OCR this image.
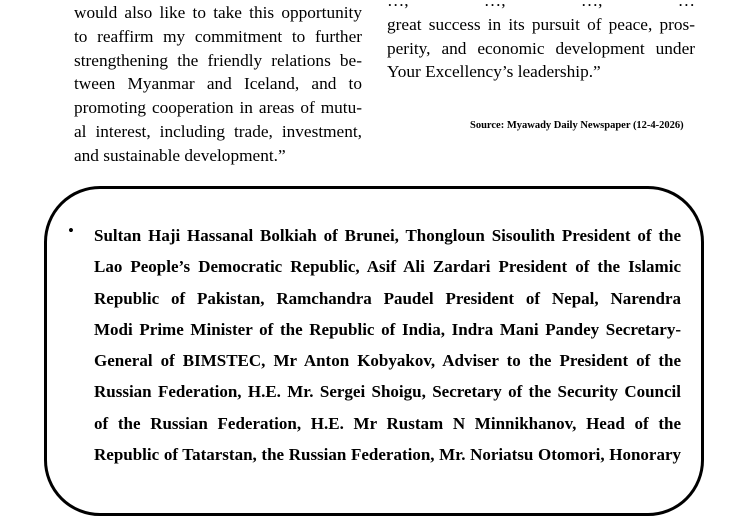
would also like to take this opportunity
to reaffirm my commitment to further
strengthening the friendly relations be-
tween Myanmar and Iceland, and to
promoting cooperation in areas of mutu-
al interest, including trade, investment,
and sustainable development.”
…, …, …, …
great success in its pursuit of peace, pros-
perity, and economic development under
Your Excellency’s leadership.”
Source: Myawady Daily Newspaper (12-4-2026)
• Sultan Haji Hassanal Bolkiah of Brunei, Thongloun Sisoulith President of the
Lao People’s Democratic Republic, Asif Ali Zardari President of the Islamic
Republic of Pakistan, Ramchandra Paudel President of Nepal, Narendra
Modi Prime Minister of the Republic of India, Indra Mani Pandey Secretary-
General of BIMSTEC, Mr Anton Kobyakov, Adviser to the President of the
Russian Federation, H.E. Mr. Sergei Shoigu, Secretary of the Security Council
of the Russian Federation, H.E. Mr Rustam N Minnikhanov, Head of the
Republic of Tatarstan, the Russian Federation, Mr. Noriatsu Otomori, Honorary
